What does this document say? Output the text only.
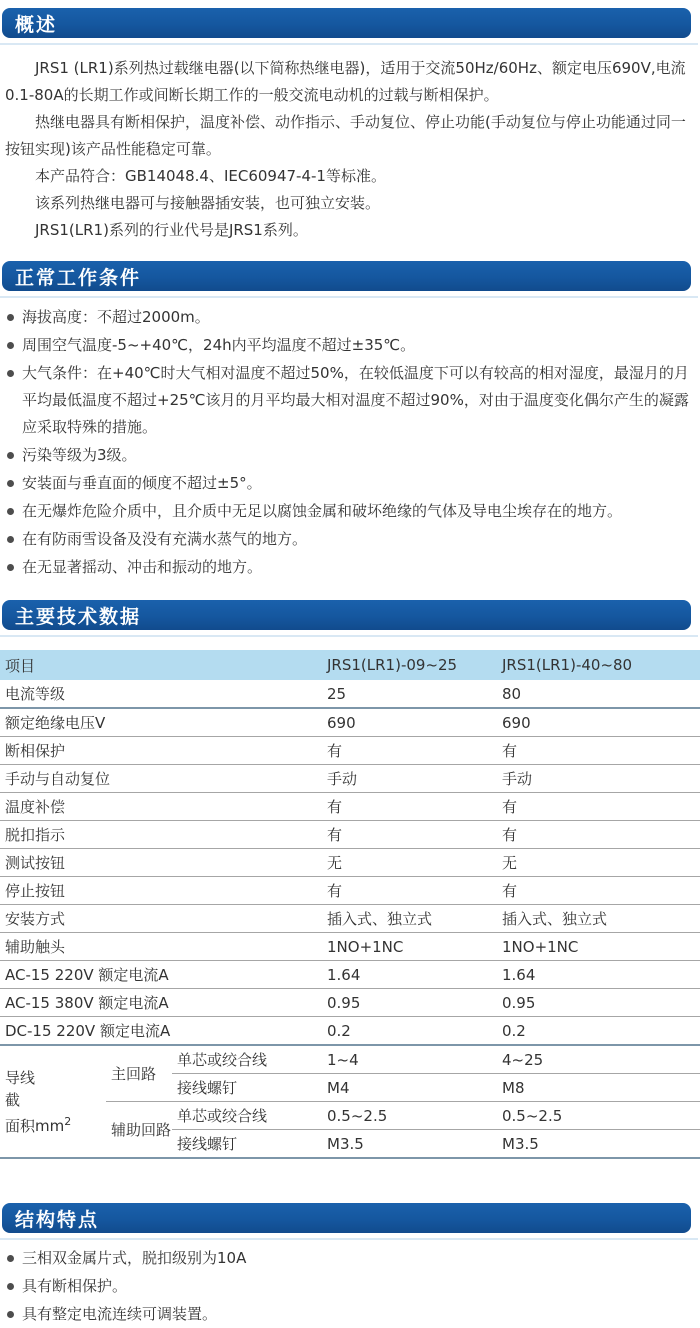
概述

JRS1 (LR1)系列热过载继电器(以下简称热继电器)，适用于交流50Hz/60Hz、额定电压690V,电流0.1-80A的长期工作或间断长期工作的一般交流电动机的过载与断相保护。

热继电器具有断相保护，温度补偿、动作指示、手动复位、停止功能(手动复位与停止功能通过同一按钮实现)该产品性能稳定可靠。

本产品符合：GB14048.4、IEC60947-4-1等标准。

该系列热继电器可与接触器插安装，也可独立安装。

JRS1(LR1)系列的行业代号是JRS1系列。

正常工作条件
海拔高度：不超过2000m。
周围空气温度-5~+40℃，24h内平均温度不超过±35℃。
大气条件：在+40℃时大气相对温度不超过50%，在较低温度下可以有较高的相对湿度，最湿月的月平均最低温度不超过+25℃该月的月平均最大相对温度不超过90%，对由于温度变化偶尔产生的凝露应采取特殊的措施。
污染等级为3级。
安装面与垂直面的倾度不超过±5°。
在无爆炸危险介质中，且介质中无足以腐蚀金属和破坏绝缘的气体及导电尘埃存在的地方。
在有防雨雪设备及没有充满水蒸气的地方。
在无显著摇动、冲击和振动的地方。
主要技术数据
项目			JRS1(LR1)-09~25	JRS1(LR1)-40~80
电流等级			25	80
额定绝缘电压V			690	690
断相保护			有	有
手动与自动复位			手动	手动
温度补偿			有	有
脱扣指示			有	有
测试按钮			无	无
停止按钮			有	有
安装方式			插入式、独立式	插入式、独立式
辅助触头			1NO+1NC	1NO+1NC
AC-15 220V 额定电流A			1.64	1.64
AC-15 380V 额定电流A			0.95	0.95
DC-15 220V 额定电流A			0.2	0.2
导线
截
面积$mm^2$	主回路	单芯或绞合线	1~4	4~25
		接线螺钉	M4	M8
	辅助回路	单芯或绞合线	0.5~2.5	0.5~2.5
		接线螺钉	M3.5	M3.5
结构特点
三相双金属片式，脱扣级别为10A
具有断相保护。
具有整定电流连续可调装置。
